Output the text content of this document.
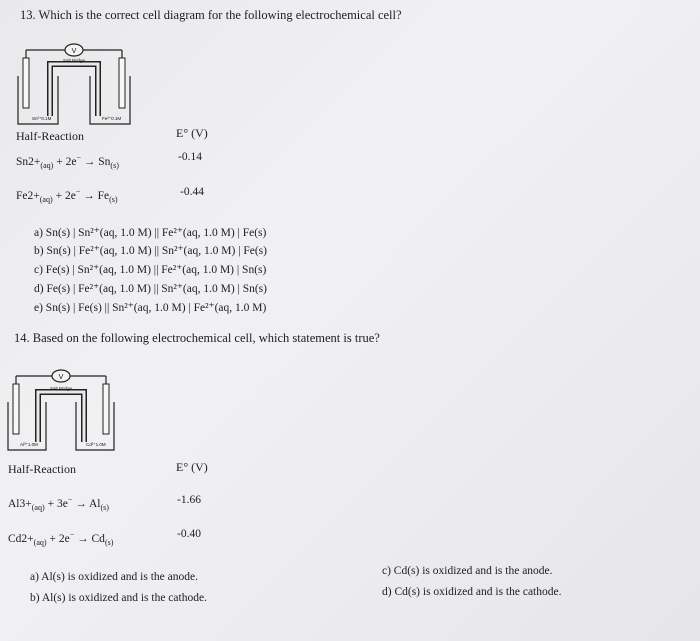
13. Which is the correct cell diagram for the following electrochemical cell?
V
Salt Bridge
Sn²⁺0.1M	Fe²⁺0.1M
Half-Reaction	E° (V)
$Sn2+_{(aq)} + 2e^- \to Sn_{(s)}$
-0.14
$Fe2+_{(aq)} + 2e^- \to Fe_{(s)}$
-0.44
a) Sn(s) | Sn²⁺(aq, 1.0 M) || Fe²⁺(aq, 1.0 M) | Fe(s)
b) Sn(s) | Fe²⁺(aq, 1.0 M) || Sn²⁺(aq, 1.0 M) | Fe(s)
c) Fe(s) | Sn²⁺(aq, 1.0 M) || Fe²⁺(aq, 1.0 M) | Sn(s)
d) Fe(s) | Fe²⁺(aq, 1.0 M) || Sn²⁺(aq, 1.0 M) | Sn(s)
e) Sn(s) | Fe(s) || Sn²⁺(aq, 1.0 M) | Fe²⁺(aq, 1.0 M)
14. Based on the following electrochemical cell, which statement is true?
V
Salt Bridge
Al³⁺1.0M	Cd²⁺1.0M
Half-Reaction	E° (V)
$Al3+_{(aq)} + 3e^- \to Al_{(s)}$
-1.66
$Cd2+_{(aq)} + 2e^- \to Cd_{(s)}$
-0.40
a) Al(s) is oxidized and is the anode.
b) Al(s) is oxidized and is the cathode.
c) Cd(s) is oxidized and is the anode.
d) Cd(s) is oxidized and is the cathode.
